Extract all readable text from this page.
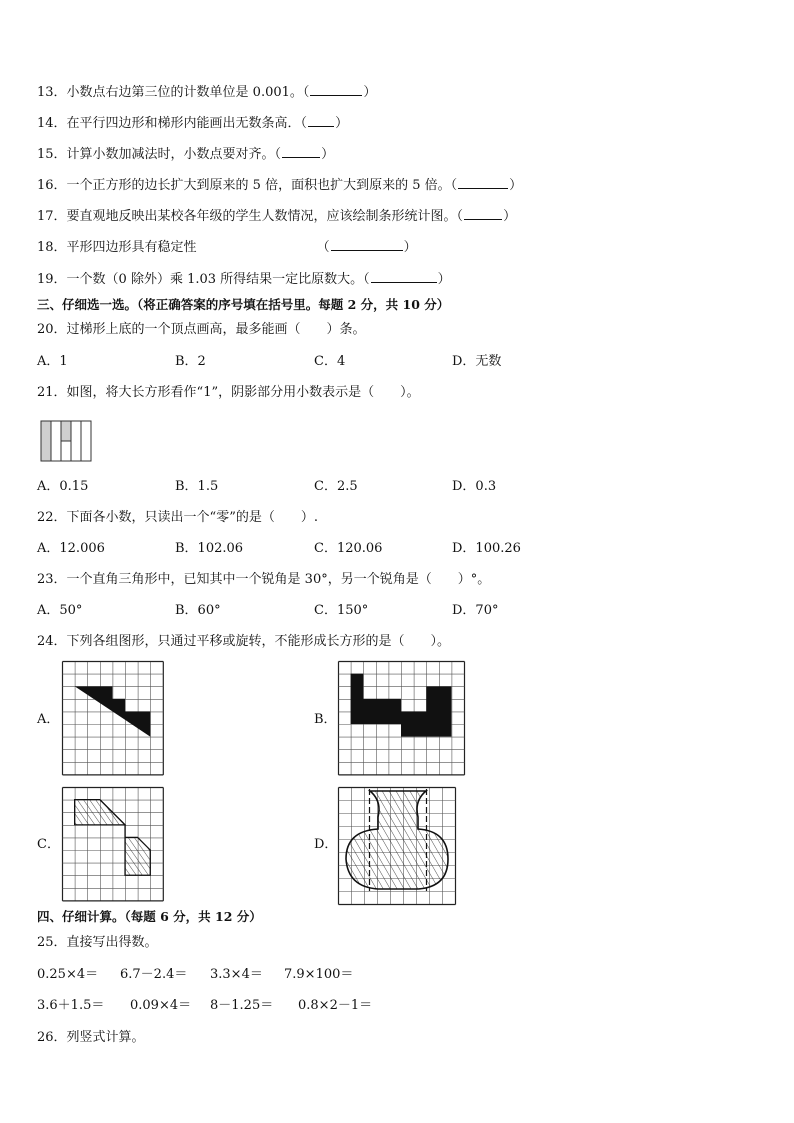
13．小数点右边第三位的计数单位是 0.001。（	）
14．在平行四边形和梯形内能画出无数条高．（ ）
15．计算小数加减法时，小数点要对齐。（	）
16．一个正方形的边长扩大到原来的 5 倍，面积也扩大到原来的 5 倍。（	）
17．要直观地反映出某校各年级的学生人数情况，应该绘制条形统计图。（	）
18．平形四边形具有稳定性	（	）
19．一个数（0 除外）乘 1.03 所得结果一定比原数大。（	）
三、仔细选一选。（将正确答案的序号填在括号里。每题 2 分，共 10 分）
20．过梯形上底的一个顶点画高，最多能画（　　）条。
A．1	B．2	C．4	D．无数
21．如图，将大长方形看作“1”，阴影部分用小数表示是（　　）。
A．0.15	B．1.5	C．2.5	D．0.3
22．下面各小数，只读出一个“零”的是（　　）.
A．12.006	B．102.06	C．120.06	D．100.26
23．一个直角三角形中，已知其中一个锐角是 30°，另一个锐角是（　　）°。
A．50°	B．60°	C．150°	D．70°
24．下列各组图形，只通过平移或旋转，不能形成长方形的是（　　）。
A．	B．
C．	D．
四、仔细计算。（每题 6 分，共 12 分）
25．直接写出得数。
0.25×4＝ 6.7－2.4＝ 3.3×4＝ 7.9×100＝
3.6＋1.5＝ 0.09×4＝ 8－1.25＝ 0.8×2－1＝
26．列竖式计算。
